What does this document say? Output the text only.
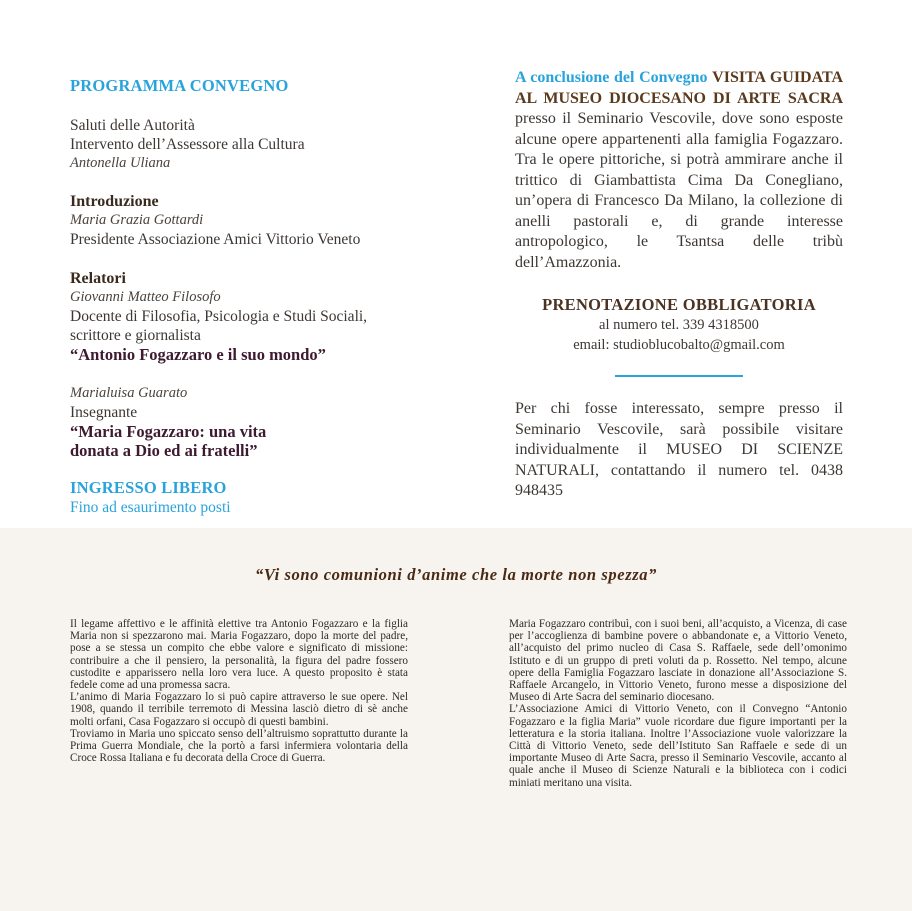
PROGRAMMA CONVEGNO
Saluti delle Autorità
Intervento dell’Assessore alla Cultura
Antonella Uliana
Introduzione
Maria Grazia Gottardi
Presidente Associazione Amici Vittorio Veneto
Relatori
Giovanni Matteo Filosofo
Docente di Filosofia, Psicologia e Studi Sociali,
scrittore e giornalista
“Antonio Fogazzaro e il suo mondo”
Marialuisa Guarato
Insegnante
“Maria Fogazzaro: una vita
donata a Dio ed ai fratelli”
INGRESSO LIBERO
Fino ad esaurimento posti
A conclusione del Convegno VISITA GUIDATA AL MUSEO DIOCESANO DI ARTE SACRA presso il Seminario Vescovile, dove sono esposte alcune opere appartenenti alla famiglia Fogazzaro. Tra le opere pittoriche, si potrà ammirare anche il trittico di Giambattista Cima Da Conegliano, un’opera di Francesco Da Milano, la collezione di anelli pastorali e, di grande interesse antropologico, le Tsantsa delle tribù dell’Amazzonia.
PRENOTAZIONE OBBLIGATORIA
al numero tel. 339 4318500
email: studioblucobalto@gmail.com
Per chi fosse interessato, sempre presso il Seminario Vescovile, sarà possibile visitare individualmente il MUSEO DI SCIENZE NATURALI, contattando il numero tel. 0438 948435
“Vi sono comunioni d’anime che la morte non spezza”

Il legame affettivo e le affinità elettive tra Antonio Fogazzaro e la figlia Maria non si spezzarono mai. Maria Fogazzaro, dopo la morte del padre, pose a se stessa un compito che ebbe valore e significato di missione: contribuire a che il pensiero, la personalità, la figura del padre fossero custodite e apparissero nella loro vera luce. A questo proposito è stata fedele come ad una promessa sacra.

L’animo di Maria Fogazzaro lo si può capire attraverso le sue opere. Nel 1908, quando il terribile terremoto di Messina lasciò dietro di sè anche molti orfani, Casa Fogazzaro si occupò di questi bambini.

Troviamo in Maria uno spiccato senso dell’altruismo soprattutto durante la Prima Guerra Mondiale, che la portò a farsi infermiera volontaria della Croce Rossa Italiana e fu decorata della Croce di Guerra.

Maria Fogazzaro contribuì, con i suoi beni, all’acquisto, a Vicenza, di case per l’accoglienza di bambine povere o abbandonate e, a Vittorio Veneto, all’acquisto del primo nucleo di Casa S. Raffaele, sede dell’omonimo Istituto e di un gruppo di preti voluti da p. Rossetto. Nel tempo, alcune opere della Famiglia Fogazzaro lasciate in donazione all’Associazione S. Raffaele Arcangelo, in Vittorio Veneto, furono messe a disposizione del Museo di Arte Sacra del seminario diocesano.

L’Associazione Amici di Vittorio Veneto, con il Convegno “Antonio Fogazzaro e la figlia Maria” vuole ricordare due figure importanti per la letteratura e la storia italiana. Inoltre l’Associazione vuole valorizzare la Città di Vittorio Veneto, sede dell’Istituto San Raffaele e sede di un importante Museo di Arte Sacra, presso il Seminario Vescovile, accanto al quale anche il Museo di Scienze Naturali e la biblioteca con i codici miniati meritano una visita.
